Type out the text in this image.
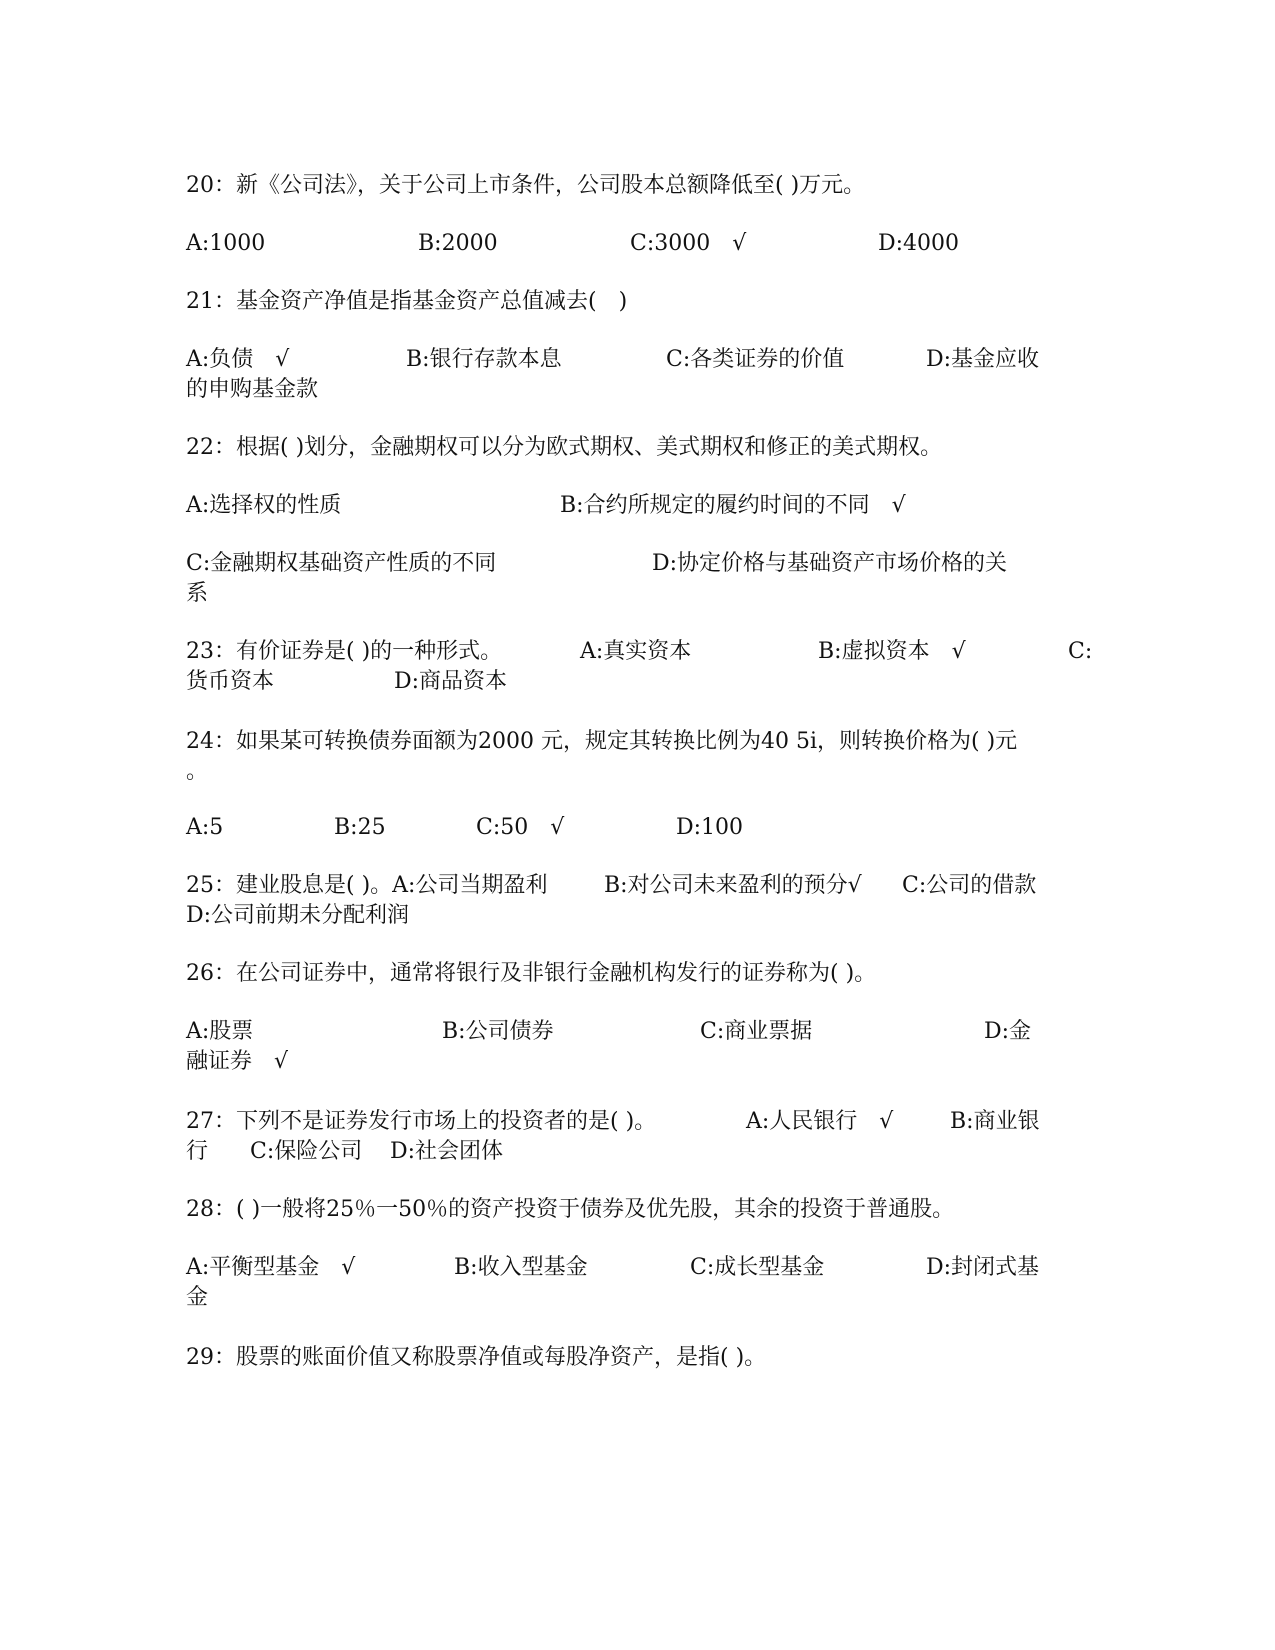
20：新《公司法》，关于公司上市条件，公司股本总额降低至( )万元。

A:1000

	B:2000

	C:3000　√

	D:4000

21：基金资产净值是指基金资产总值减去(　)

A:负债　√

	B:银行存款本息

	C:各类证券的价值

	D:基金应收

的申购基金款
22：根据( )划分，金融期权可以分为欧式期权、美式期权和修正的美式期权。

A:选择权的性质

	B:合约所规定的履约时间的不同　√

C:金融期权基础资产性质的不同

	D:协定价格与基础资产市场价格的关

系

23：有价证券是( )的一种形式。

	A:真实资本

	B:虚拟资本　√

	C:

货币资本

	D:商品资本

24：如果某可转换债券面额为2000 元，规定其转换比例为40 5i，则转换价格为( )元
。

A:5

	B:25

	C:50　√

	D:100

25：建业股息是( )。A:公司当期盈利

	B:对公司未来盈利的预分√

C:公司的借款

D:公司前期未分配利润
26：在公司证券中，通常将银行及非银行金融机构发行的证券称为( )。

A:股票

	B:公司债券

	C:商业票据

	D:金

融证券　√

27：下列不是证券发行市场上的投资者的是( )。

	A:人民银行　√

	B:商业银

行

C:保险公司

D:社会团体

28：( )一般将25％一50％的资产投资于债券及优先股，其余的投资于普通股。

A:平衡型基金　√

	B:收入型基金

	C:成长型基金

	D:封闭式基

金
29：股票的账面价值又称股票净值或每股净资产，是指( )。
